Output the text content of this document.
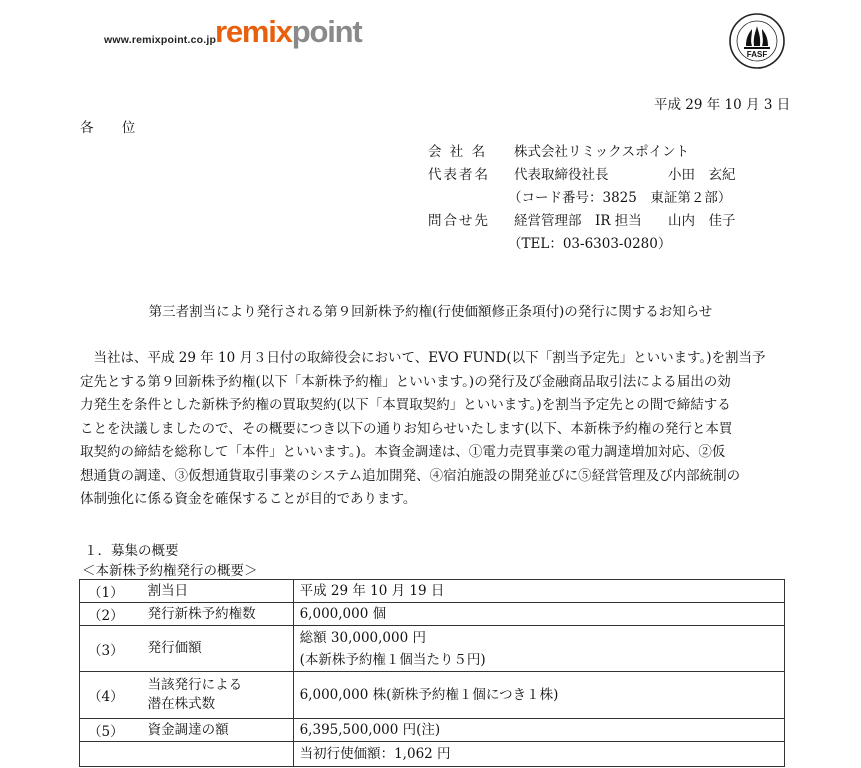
www.remixpoint.co.jp
remixpoint
FASF
平成 29 年 10 月 3 日
各 位
会 社 名 株式会社リミックスポイント
代表者名 代表取締役社長	小田　玄紀
（コード番号：3825　東証第２部）
問合せ先 経営管理部　IR 担当 山内　佳子
（TEL：03-6303-0280）
第三者割当により発行される第９回新株予約権(行使価額修正条項付)の発行に関するお知らせ
　当社は、平成 29 年 10 月３日付の取締役会において、EVO FUND(以下「割当予定先」といいます。)を割当予
定先とする第９回新株予約権(以下「本新株予約権」といいます。)の発行及び金融商品取引法による届出の効
力発生を条件とした新株予約権の買取契約(以下「本買取契約」といいます。)を割当予定先との間で締結する
ことを決議しましたので、その概要につき以下の通りお知らせいたします(以下、本新株予約権の発行と本買
取契約の締結を総称して「本件」といいます。)。本資金調達は、①電力売買事業の電力調達増加対応、②仮
想通貨の調達、③仮想通貨取引事業のシステム追加開発、④宿泊施設の開発並びに⑤経営管理及び内部統制の
体制強化に係る資金を確保することが目的であります。
１．募集の概要
＜本新株予約権発行の概要＞
（1）	割当日	平成 29 年 10 月 19 日
（2）	発行新株予約権数	6,000,000 個
（3）	発行価額	総額 30,000,000 円
(本新株予約権１個当たり５円)

（4）	当該発行による
潜在株式数	6,000,000 株(新株予約権１個につき１株)
（5）	資金調達の額	6,395,500,000 円(注)
		当初行使価額：1,062 円
